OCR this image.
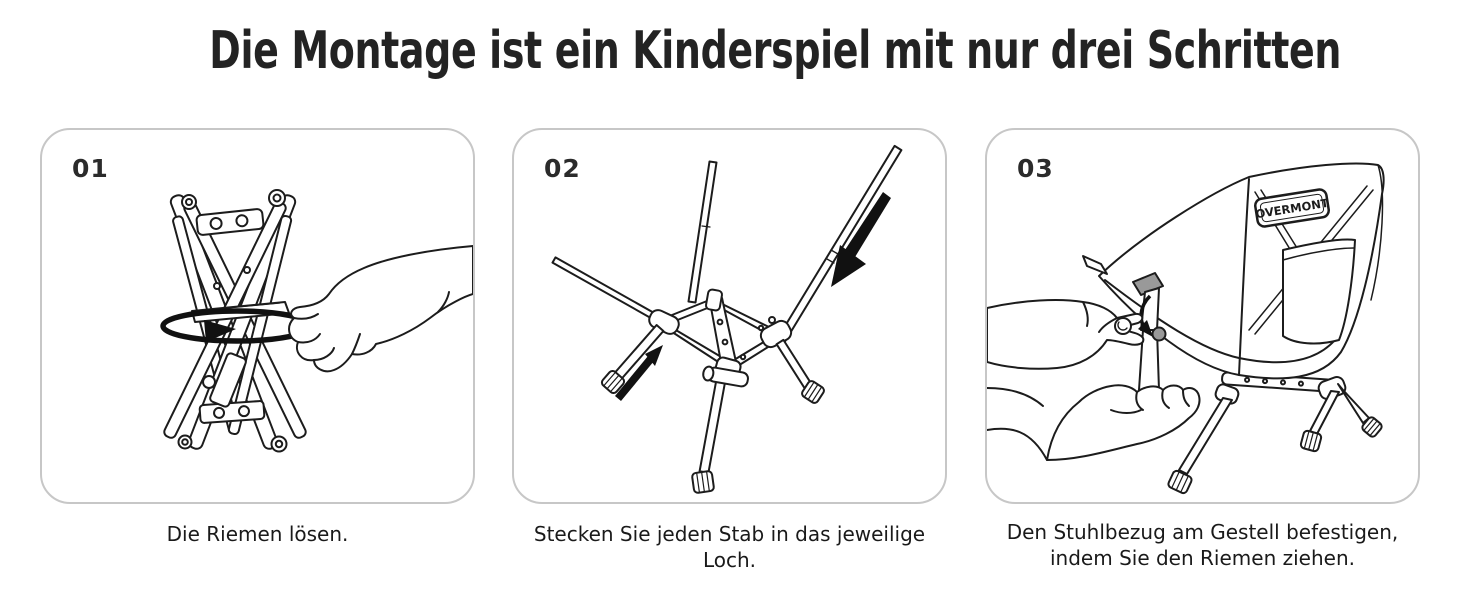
Die Montage ist ein Kinderspiel mit nur drei Schritten
01	02
OVERMONT
03
Die Riemen lösen.	Stecken Sie jeden Stab in das jeweilige Loch.
Den Stuhlbezug am Gestell befestigen,
indem Sie den Riemen ziehen.
